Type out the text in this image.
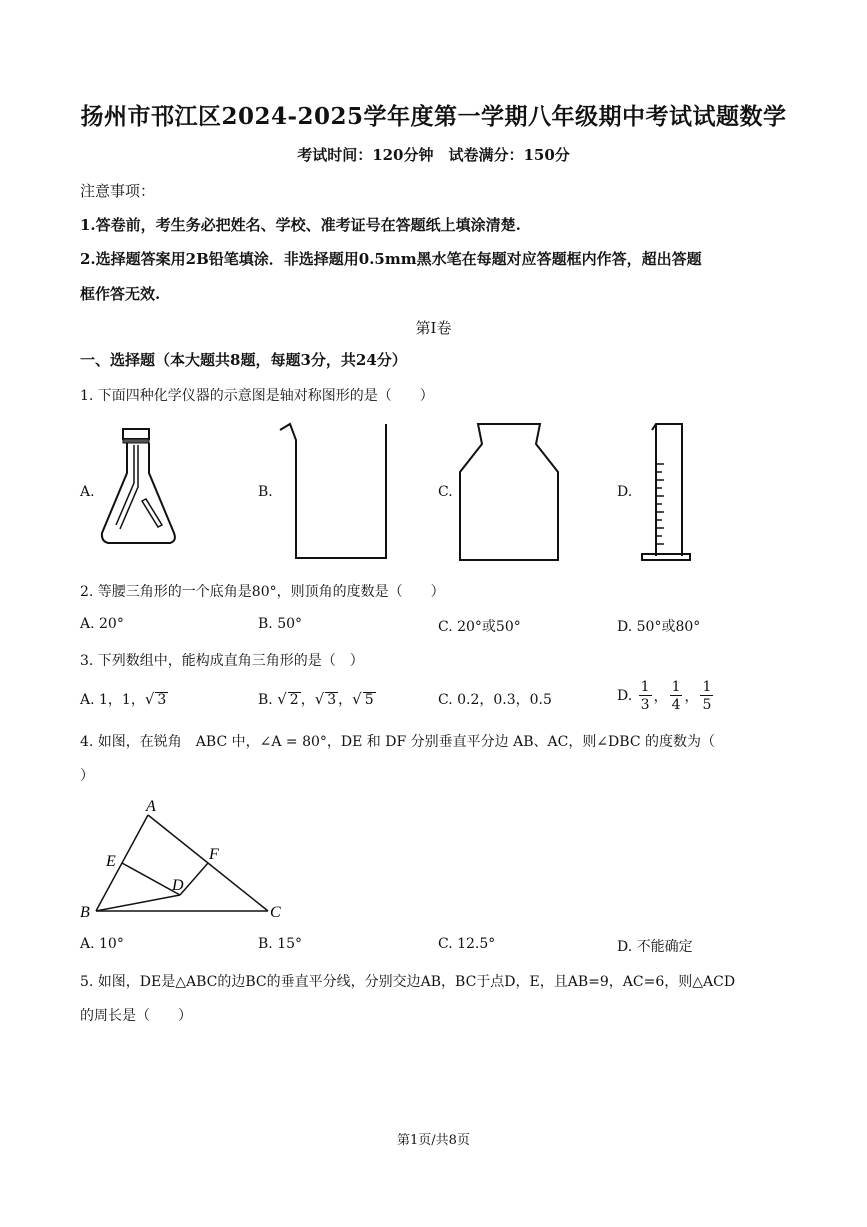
扬州市邗江区2024-2025学年度第一学期八年级期中考试试题数学
考试时间：120分钟　试卷满分：150分
注意事项：
1.答卷前，考生务必把姓名、学校、准考证号在答题纸上填涂清楚.
2.选择题答案用2B铅笔填涂．非选择题用0.5mm黑水笔在每题对应答题框内作答，超出答题
框作答无效.
第Ⅰ卷
一、选择题（本大题共8题，每题3分，共24分）
1. 下面四种化学仪器的示意图是轴对称图形的是（　　）
A.	B.	C.	D.
2. 等腰三角形的一个底角是80°，则顶角的度数是（　　）
A. 20°	B. 50°	C. 20°或50°	D. 50°或80°
3. 下列数组中，能构成直角三角形的是（　）
A. 1，1，√ 3	B. √ 2 ，√ 3 ，√ 5	C. 0.2，0.3，0.5	D. $\frac{1}{3}$ ， $\frac{1}{4}$ ， $\frac{1}{5}$
4. 如图，在锐角　ABC 中，∠A = 80°，DE 和 DF 分别垂直平分边 AB、AC，则∠DBC 的度数为（
）
A
E	F
D
B	C
A. 10°	B. 15°	C. 12.5°	D. 不能确定
5. 如图，DE是△ABC的边BC的垂直平分线，分别交边AB，BC于点D，E，且AB=9，AC=6，则△ACD
的周长是（　　）
第1页/共8页
